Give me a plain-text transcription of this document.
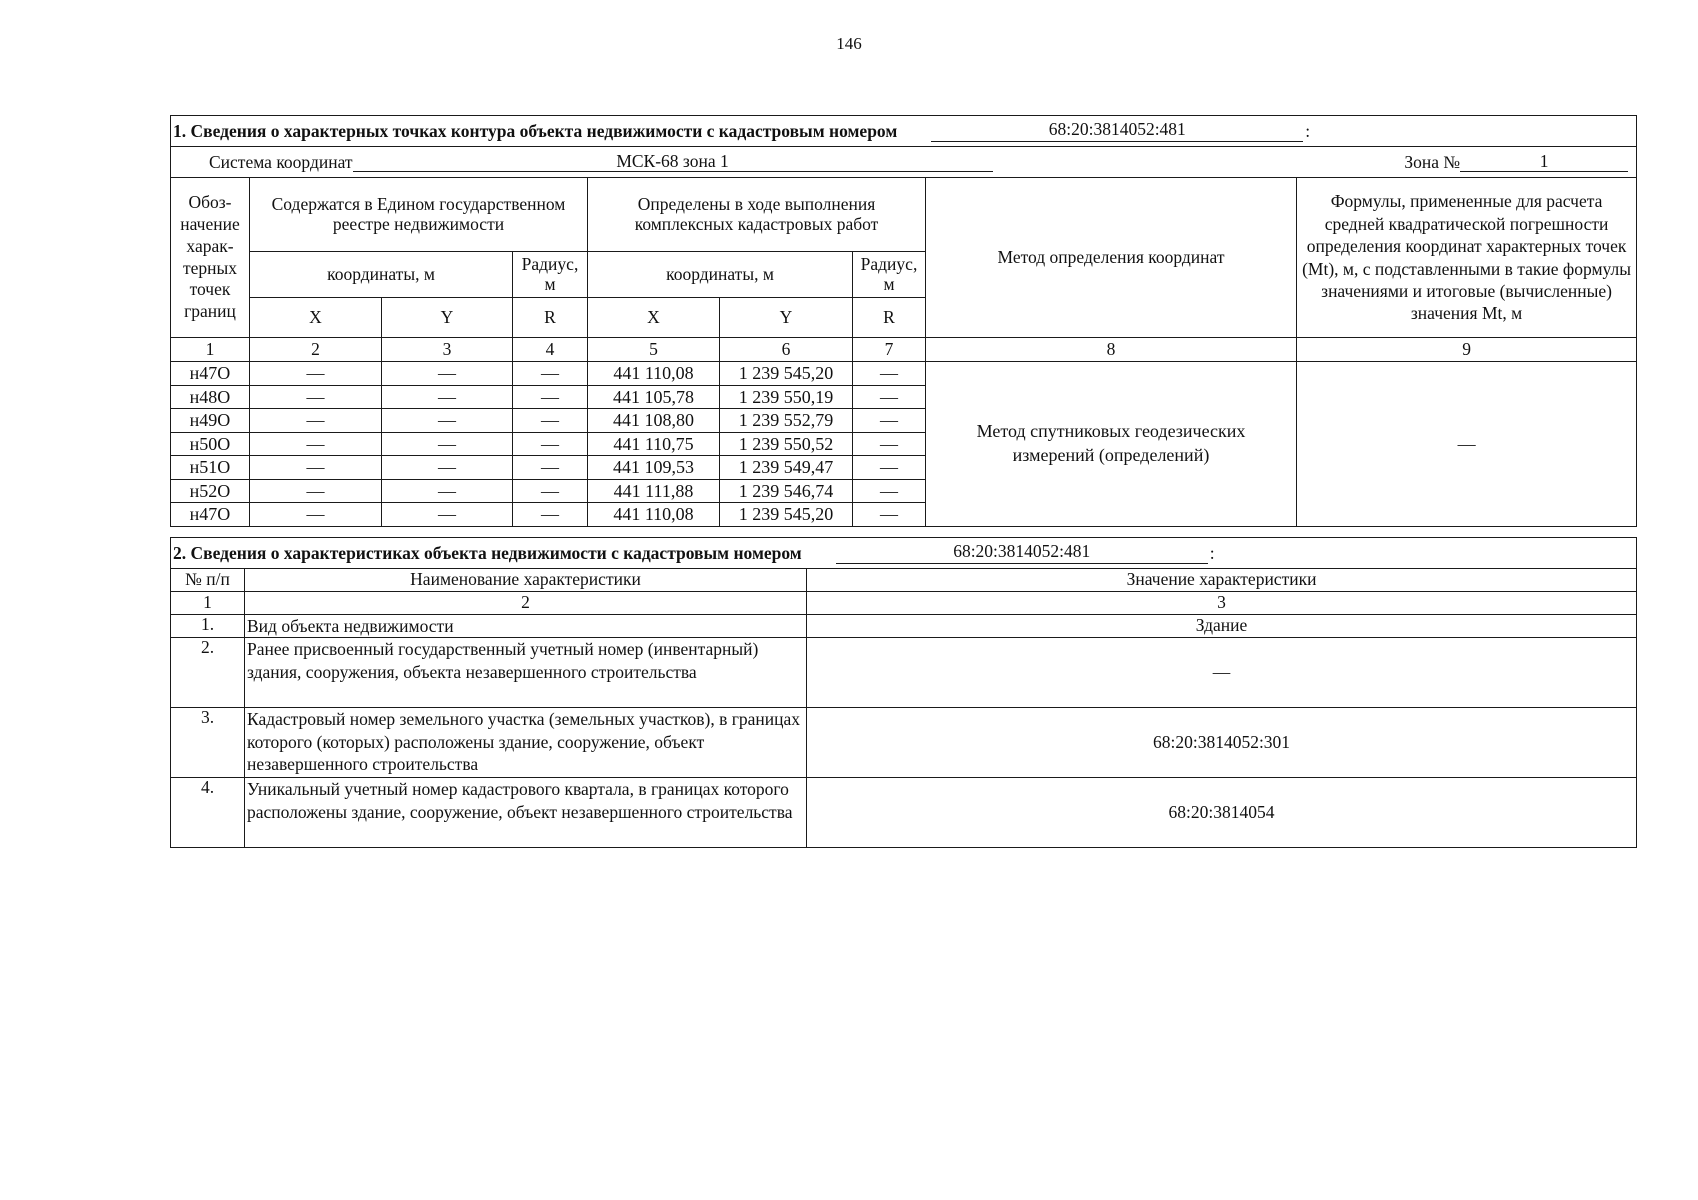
146
1. Сведения о характерных точках контура объекта недвижимости с кадастровым номером 68:20:3814052:481 :								

Система координат МСК-68 зона 1 Зона № 1								

Обоз-начение харак-терных точек границ	Содержатся в Едином государственном реестре недвижимости			Определены в ходе выполнения комплексных кадастровых работ			Метод определения координат	Формулы, примененные для расчета средней квадратической погрешности определения координат характерных точек (Mt), м, с подставленными в такие формулы значениями и итоговые (вычисленные) значения Mt, м
	координаты, м		Радиус, м	координаты, м		Радиус, м		
	X	Y	R	X	Y	R		
1	2	3	4	5	6	7	8	9
н47О	—	—	—	441 110,08	1 239 545,20	—	Метод спутниковых геодезических измерений (определений)	—
н48О	—	—	—	441 105,78	1 239 550,19	—		
н49О	—	—	—	441 108,80	1 239 552,79	—		
н50О	—	—	—	441 110,75	1 239 550,52	—		
н51О	—	—	—	441 109,53	1 239 549,47	—		
н52О	—	—	—	441 111,88	1 239 546,74	—		
н47О	—	—	—	441 110,08	1 239 545,20	—		
2. Сведения о характеристиках объекта недвижимости с кадастровым номером 68:20:3814052:481 :		

№ п/п	Наименование характеристики	Значение характеристики
1	2	3
1.	Вид объекта недвижимости	Здание
2.	Ранее присвоенный государственный учетный номер (инвентарный) здания, сооружения, объекта незавершенного строительства	—
3.	Кадастровый номер земельного участка (земельных участков), в границах которого (которых) расположены здание, сооружение, объект незавершенного строительства	68:20:3814052:301
4.	Уникальный учетный номер кадастрового квартала, в границах которого расположены здание, сооружение, объект незавершенного строительства	68:20:3814054
